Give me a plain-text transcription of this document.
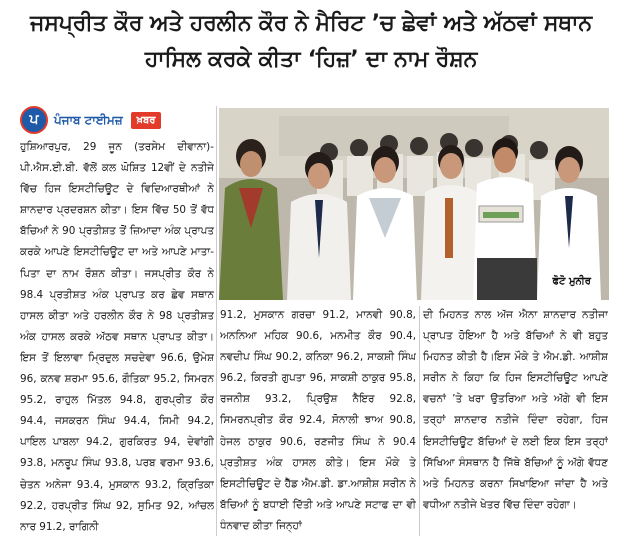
ਜਸਪ੍ਰੀਤ ਕੌਰ ਅਤੇ ਹਰਲੀਨ ਕੌਰ ਨੇ ਮੈਰਿਟ ’ਚ ਛੇਵਾਂ ਅਤੇ ਅੱਠਵਾਂ ਸਥਾਨ
ਹਾਸਿਲ ਕਰਕੇ ਕੀਤਾ ‘ਹਿਜ਼’ ਦਾ ਨਾਮ ਰੌਸ਼ਨ
ਪ	ਪੰਜਾਬ ਟਾਈਮਜ਼	ਖ਼ਬਰ
ਫੋਟੋ ਮੁਨੀਰ
ਹੁਸ਼ਿਆਰਪੁਰ, 29 ਜੂਨ (ਤਰਸੇਮ ਦੀਵਾਨਾ)- ਪੀ.ਐਸ.ਈ.ਬੀ. ਵੱਲੋਂ ਕਲ ਘੋਸ਼ਿਤ 12ਵੀਂ ਦੇ ਨਤੀਜੇ ਵਿੱਚ ਹਿਜ ਇਸਟੀਚਿਊਟ ਦੇ ਵਿਦਿਆਰਥੀਆਂ ਨੇ ਸ਼ਾਨਦਾਰ ਪ੍ਰਦਰਸ਼ਨ ਕੀਤਾ। ਇਸ ਵਿੱਚ 50 ਤੋਂ ਵੱਧ ਬੱਚਿਆਂ ਨੇ 90 ਪ੍ਰਤੀਸ਼ਤ ਤੋਂ ਜ਼ਿਆਦਾ ਅੰਕ ਪ੍ਰਾਪਤ ਕਰਕੇ ਆਪਣੇ ਇਸਟੀਚਿਊਟ ਦਾ ਅਤੇ ਆਪਣੇ ਮਾਤਾ-ਪਿਤਾ ਦਾ ਨਾਮ ਰੌਸ਼ਨ ਕੀਤਾ। ਜਸਪ੍ਰੀਤ ਕੌਰ ਨੇ 98.4 ਪ੍ਰਤੀਸ਼ਤ ਅੰਕ ਪ੍ਰਾਪਤ ਕਰ ਛੇਵ ਸਥਾਨ ਹਾਸਲ ਕੀਤਾ ਅਤੇ ਹਰਲੀਨ ਕੌਰ ਨੇ 98 ਪ੍ਰਤੀਸ਼ਤ ਅੰਕ ਹਾਸਲ ਕਰਕੇ ਅੱਠਵ ਸਥਾਨ ਪ੍ਰਾਪਤ ਕੀਤਾ। ਇਸ ਤੋਂ ਇਲਾਵਾ ਮ੍ਰਿਦੁਲ ਸਚਦੇਵਾ 96.6, ਉਮੇਸ਼ 96, ਕਨਵ ਸ਼ਰਮਾ 95.6, ਗੌਤਿਕਾ 95.2, ਸਿਮਰਨ 95.2, ਰਾਹੁਲ ਮਿੱਤਲ 94.8, ਗੁਰਪ੍ਰੀਤ ਕੌਰ 94.4, ਜਸਕਰਨ ਸਿੰਘ 94.4, ਸਿਮੀ 94.2, ਪਾਇਲ ਪਾਬਲਾ 94.2, ਗੁਰਕਿਰਤ 94, ਦੇਵਾਂਗੀ 93.8, ਮਨਰੂਪ ਸਿੰਘ 93.8, ਪਰਬ ਵਰਮਾ 93.6, ਚੇਤਨ ਅਨੇਜਾ 93.4, ਮੁਸਕਾਨ 93.2, ਕ੍ਰਿਤਿਕਾ 92.2, ਹਰਪ੍ਰੀਤ ਸਿੰਘ 92, ਸੁਮਿਤ 92, ਆਂਚਲ ਨਾਰ 91.2, ਰਾਗਿਨੀ
91.2, ਮੁਸਕਾਨ ਗਰਚਾ 91.2, ਮਾਨਵੀ 90.8, ਅਨਨਿਆ ਮਹਿਕ 90.6, ਮਨਮੀਤ ਕੌਰ 90.4, ਨਵਦੀਪ ਸਿੰਘ 90.2, ਕਨਿਕਾ 96.2, ਸਾਕਸ਼ੀ ਸਿੰਘ 96.2, ਕਿਰਤੀ ਗੁਪਤਾ 96, ਸਾਕਸ਼ੀ ਠਾਕੁਰ 95.8, ਰਜਨੀਸ਼ 93.2, ਪ੍ਰਿਉਸ਼ ਨੈਇਰ 92.8, ਸਿਮਰਨਪ੍ਰੀਤ ਕੌਰ 92.4, ਸੋਨਾਲੀ ਝਾਅ 90.8, ਹੇਜਲ ਠਾਕੁਰ 90.6, ਰਣਜੀਤ ਸਿੰਘ ਨੇ 90.4 ਪ੍ਰਤੀਸ਼ਤ ਅੰਕ ਹਾਸਲ ਕੀਤੇ। ਇਸ ਮੌਕੇ ਤੇ ਇਸਟੀਚਿਊਟ ਦੇ ਹੈੱਡ ਐਮ.ਡੀ. ਡਾ.ਆਸ਼ੀਸ਼ ਸਰੀਨ ਨੇ ਬੱਚਿਆਂ ਨੂੰ ਬਧਾਈ ਦਿੱਤੀ ਅਤੇ ਆਪਣੇ ਸਟਾਫ ਦਾ ਵੀ ਧੰਨਵਾਦ ਕੀਤਾ ਜਿਨ੍ਹਾਂ
ਦੀ ਮਿਹਨਤ ਨਾਲ ਅੱਜ ਐਨਾ ਸ਼ਾਨਦਾਰ ਨਤੀਜਾ ਪ੍ਰਾਪਤ ਹੋਇਆ ਹੈ ਅਤੇ ਬੱਚਿਆਂ ਨੇ ਵੀ ਬਹੁਤ ਮਿਹਨਤ ਕੀਤੀ ਹੈ।ਇਸ ਮੌਕੇ ਤੇ ਐਮ.ਡੀ. ਆਸ਼ੀਸ਼ ਸਰੀਨ ਨੇ ਕਿਹਾ ਕਿ ਹਿਜ ਇਸਟੀਚਿਊਟ ਆਪਣੇ ਵਚਨਾਂ ’ਤੇ ਖਰਾ ਉਤਰਿਆ ਅਤੇ ਅੱਗੇ ਵੀ ਇਸ ਤਰ੍ਹਾਂ ਸ਼ਾਨਦਾਰ ਨਤੀਜੇ ਦਿੰਦਾ ਰਹੇਗਾ, ਹਿਜ ਇਸਟੀਚਿਊਟ ਬੱਚਿਆਂ ਦੇ ਲਈ ਇਕ ਇਸ ਤਰ੍ਹਾਂ ਸਿੱਖਿਆ ਸੰਸਥਾਨ ਹੈ ਜਿੱਥੇ ਬੱਚਿਆਂ ਨੂੰ ਅੱਗੇ ਵੱਧਣ ਅਤੇ ਮਿਹਨਤ ਕਰਨਾ ਸਿਖਾਇਆ ਜਾਂਦਾ ਹੈ ਅਤੇ ਵਧੀਆ ਨਤੀਜੇ ਖੇਤਰ ਵਿੱਚ ਦਿੰਦਾ ਰਹੇਗਾ।
